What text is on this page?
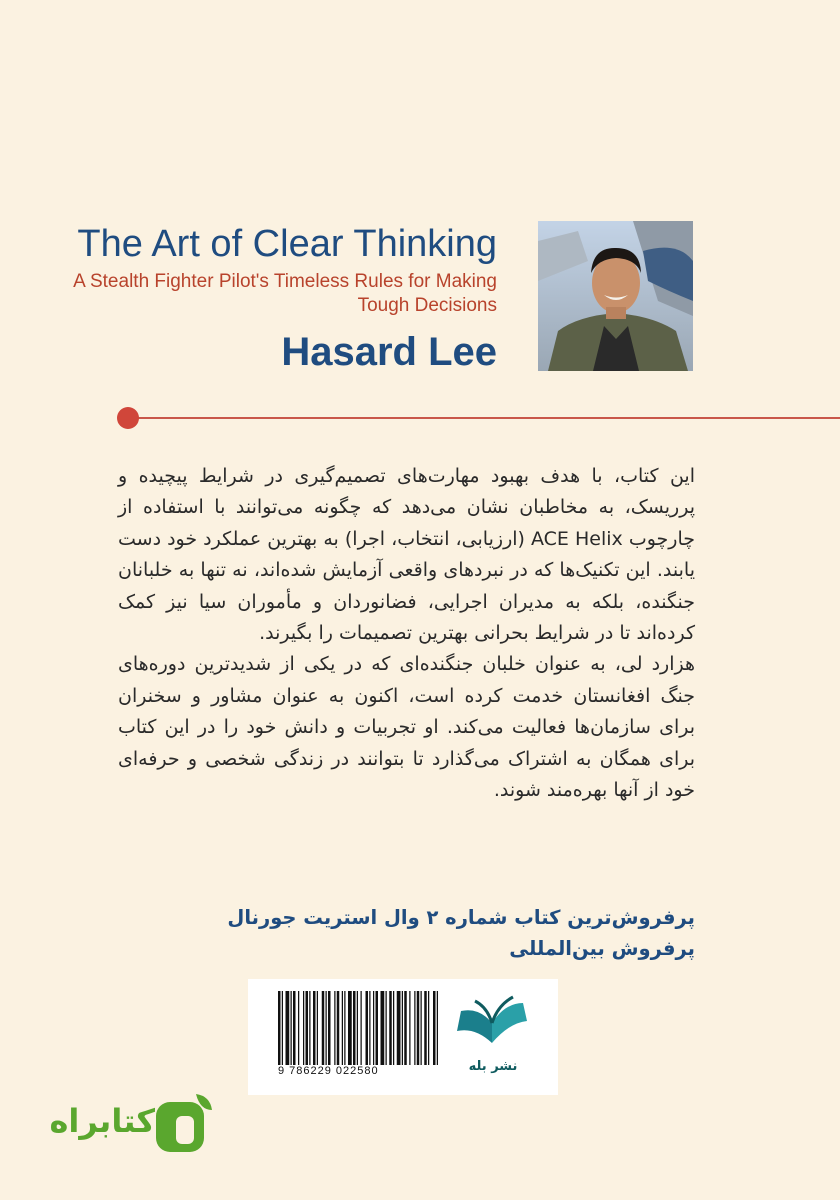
The Art of Clear Thinking
A Stealth Fighter Pilot's Timeless Rules for Making Tough Decisions
Hasard Lee

این کتاب، با هدف بهبود مهارت‌های تصمیم‌گیری در شرایط پیچیده و پرریسک، به مخاطبان نشان می‌دهد که چگونه می‌توانند با استفاده از چارچوب ACE Helix (ارزیابی، انتخاب، اجرا) به بهترین عملکرد خود دست یابند. این تکنیک‌ها که در نبردهای واقعی آزمایش شده‌اند، نه تنها به خلبانان جنگنده، بلکه به مدیران اجرایی، فضانوردان و مأموران سیا نیز کمک کرده‌اند تا در شرایط بحرانی بهترین تصمیمات را بگیرند.

هزارد لی، به عنوان خلبان جنگنده‌ای که در یکی از شدیدترین دوره‌های جنگ افغانستان خدمت کرده است، اکنون به عنوان مشاور و سخنران برای سازمان‌ها فعالیت می‌کند. او تجربیات و دانش خود را در این کتاب برای همگان به اشتراک می‌گذارد تا بتوانند در زندگی شخصی و حرفه‌ای خود از آنها بهره‌مند شوند.

پرفروش‌ترین کتاب شماره ۲ وال استریت جورنال
پرفروش بین‌المللی
9 786229 022580	نشر بله
کتابراه
